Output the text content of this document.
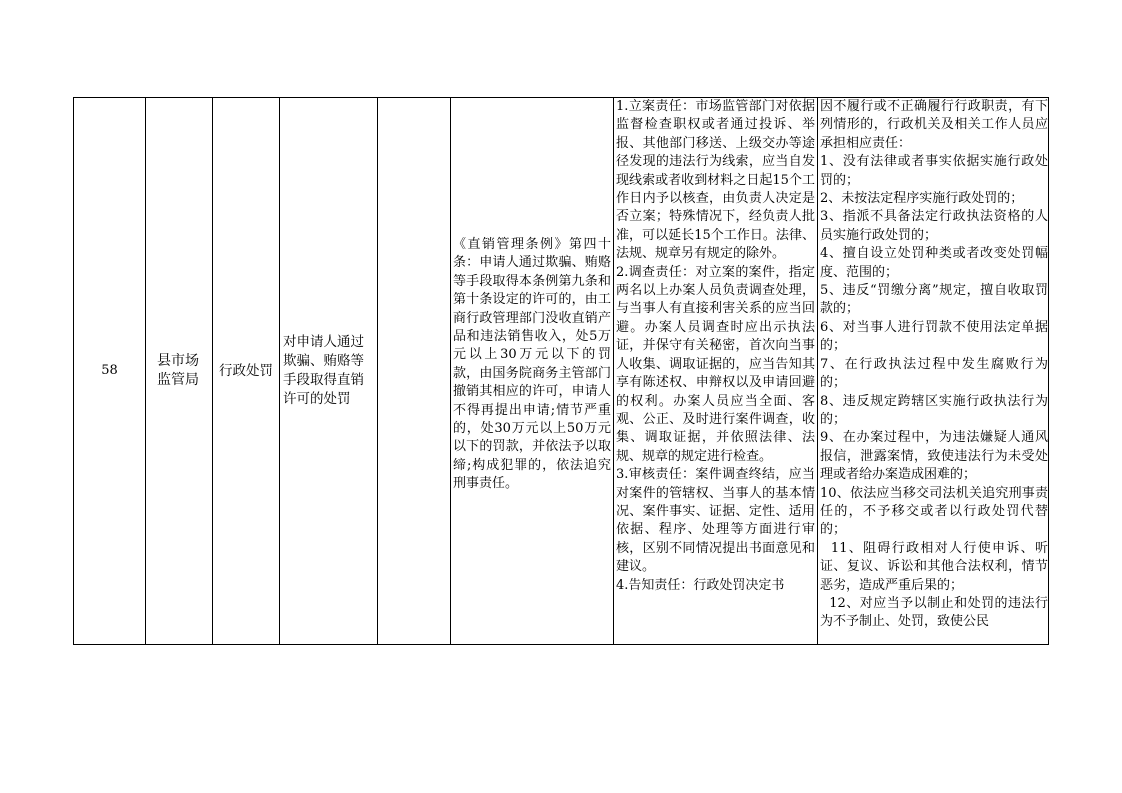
58
县市场监管局
行政处罚
对申请人通过欺骗、贿赂等手段取得直销许可的处罚
《直销管理条例》第四十条：申请人通过欺骗、贿赂等手段取得本条例第九条和第十条设定的许可的，由工商行政管理部门没收直销产品和违法销售收入，处5万元以上30万元以下的罚款，由国务院商务主管部门撤销其相应的许可，申请人不得再提出申请;情节严重的，处30万元以上50万元以下的罚款，并依法予以取缔;构成犯罪的，依法追究刑事责任。
1.立案责任：市场监管部门对依据监督检查职权或者通过投诉、举报、其他部门移送、上级交办等途径发现的违法行为线索，应当自发现线索或者收到材料之日起15个工作日内予以核查，由负责人决定是否立案；特殊情况下，经负责人批准，可以延长15个工作日。法律、法规、规章另有规定的除外。
2.调查责任：对立案的案件，指定两名以上办案人员负责调查处理，与当事人有直接利害关系的应当回避。办案人员调查时应出示执法证，并保守有关秘密，首次向当事人收集、调取证据的，应当告知其享有陈述权、申辩权以及申请回避的权利。办案人员应当全面、客观、公正、及时进行案件调查，收集、调取证据，并依照法律、法规、规章的规定进行检查。
3.审核责任：案件调查终结，应当对案件的管辖权、当事人的基本情况、案件事实、证据、定性、适用依据、程序、处理等方面进行审核，区别不同情况提出书面意见和建议。
4.告知责任：行政处罚决定书
因不履行或不正确履行行政职责，有下列情形的，行政机关及相关工作人员应承担相应责任：
1、没有法律或者事实依据实施行政处罚的；
2、未按法定程序实施行政处罚的；
3、指派不具备法定行政执法资格的人员实施行政处罚的；
4、擅自设立处罚种类或者改变处罚幅度、范围的；
5、违反“罚缴分离”规定，擅自收取罚款的；
6、对当事人进行罚款不使用法定单据的；
7、在行政执法过程中发生腐败行为的；
8、违反规定跨辖区实施行政执法行为的；
9、在办案过程中，为违法嫌疑人通风报信，泄露案情，致使违法行为未受处理或者给办案造成困难的；
10、依法应当移交司法机关追究刑事责任的，不予移交或者以行政处罚代替的；
11、阻碍行政相对人行使申诉、听证、复议、诉讼和其他合法权利，情节恶劣，造成严重后果的；
12、对应当予以制止和处罚的违法行为不予制止、处罚，致使公民
